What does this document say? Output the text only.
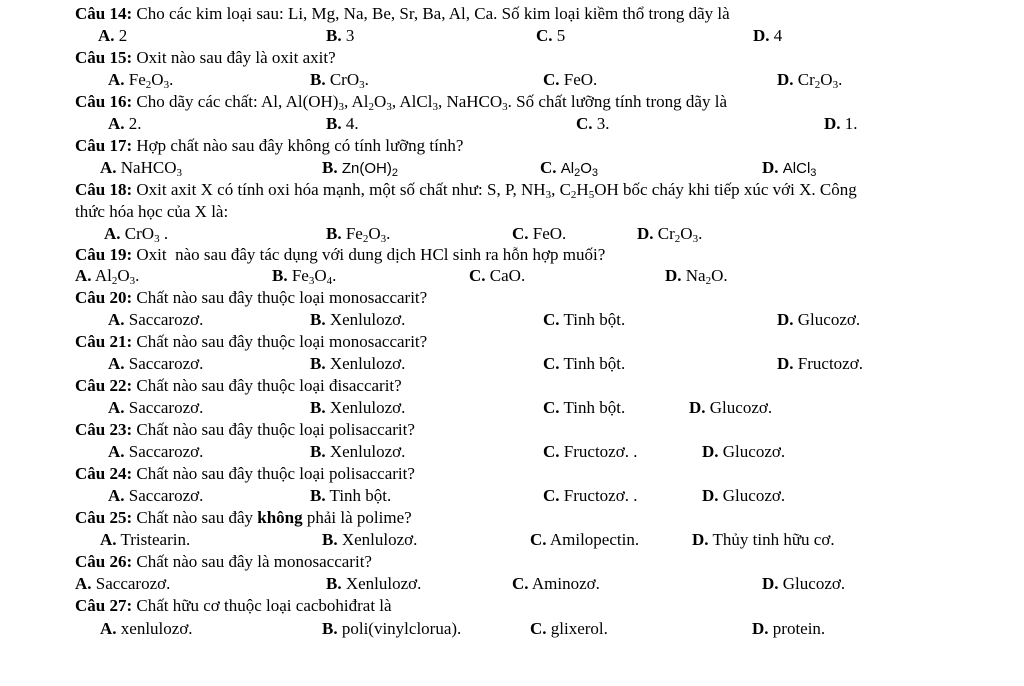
Câu 14: Cho các kim loại sau: Li, Mg, Na, Be, Sr, Ba, Al, Ca. Số kim loại kiềm thổ trong dãy là
A. 2	B. 3	C. 5	D. 4
Câu 15: Oxit nào sau đây là oxit axit?
A. $Fe_2O_3$.	B. CrO$_3$.	C. FeO.	D. $Cr_2O_3$.
Câu 16: Cho dãy các chất: Al, $Al(OH)_3$, $Al_2O_3$, AlCl$_3$, NaHCO$_3$. Số chất lưỡng tính trong dãy là
A. 2.	B. 4.	C. 3.	D. 1.
Câu 17: Hợp chất nào sau đây không có tính lưỡng tính?
A. NaHCO$_3$	B. $Zn(OH)_2$	C. $Al_2O_3$	D. AlCl$_3$
Câu 18: Oxit axit X có tính oxi hóa mạnh, một số chất như: S, P, $NH_3$, $C_2H_5OH$ bốc cháy khi tiếp xúc với X. Công
thức hóa học của X là:
A. CrO$_3$ .	B. $Fe_2O_3$.	C. FeO.	D. $Cr_2O_3$.
Câu 19: Oxit  nào sau đây tác dụng với dung dịch HCl sinh ra hỗn hợp muối?
A. $Al_2O_3$.	B. $Fe_3O_4$.	C. CaO.	D. $Na_2O$.
Câu 20: Chất nào sau đây thuộc loại monosaccarit?
A. Saccarozơ.	B. Xenlulozơ.	C. Tinh bột.	D. Glucozơ.
Câu 21: Chất nào sau đây thuộc loại monosaccarit?
A. Saccarozơ.	B. Xenlulozơ.	C. Tinh bột.	D. Fructozơ.
Câu 22: Chất nào sau đây thuộc loại đisaccarit?
A. Saccarozơ.	B. Xenlulozơ.	C. Tinh bột.	D. Glucozơ.
Câu 23: Chất nào sau đây thuộc loại polisaccarit?
A. Saccarozơ.	B. Xenlulozơ.	C. Fructozơ. .	D. Glucozơ.
Câu 24: Chất nào sau đây thuộc loại polisaccarit?
A. Saccarozơ.	B. Tinh bột.	C. Fructozơ. .	D. Glucozơ.
Câu 25: Chất nào sau đây không phải là polime?
A. Tristearin.	B. Xenlulozơ.	C. Amilopectin.	D. Thủy tinh hữu cơ.
Câu 26: Chất nào sau đây là monosaccarit?
A. Saccarozơ.	B. Xenlulozơ.	C. Aminozơ.	D. Glucozơ.
Câu 27: Chất hữu cơ thuộc loại cacbohiđrat là
A. xenlulozơ.	B. poli(vinylclorua).	C. glixerol.	D. protein.
